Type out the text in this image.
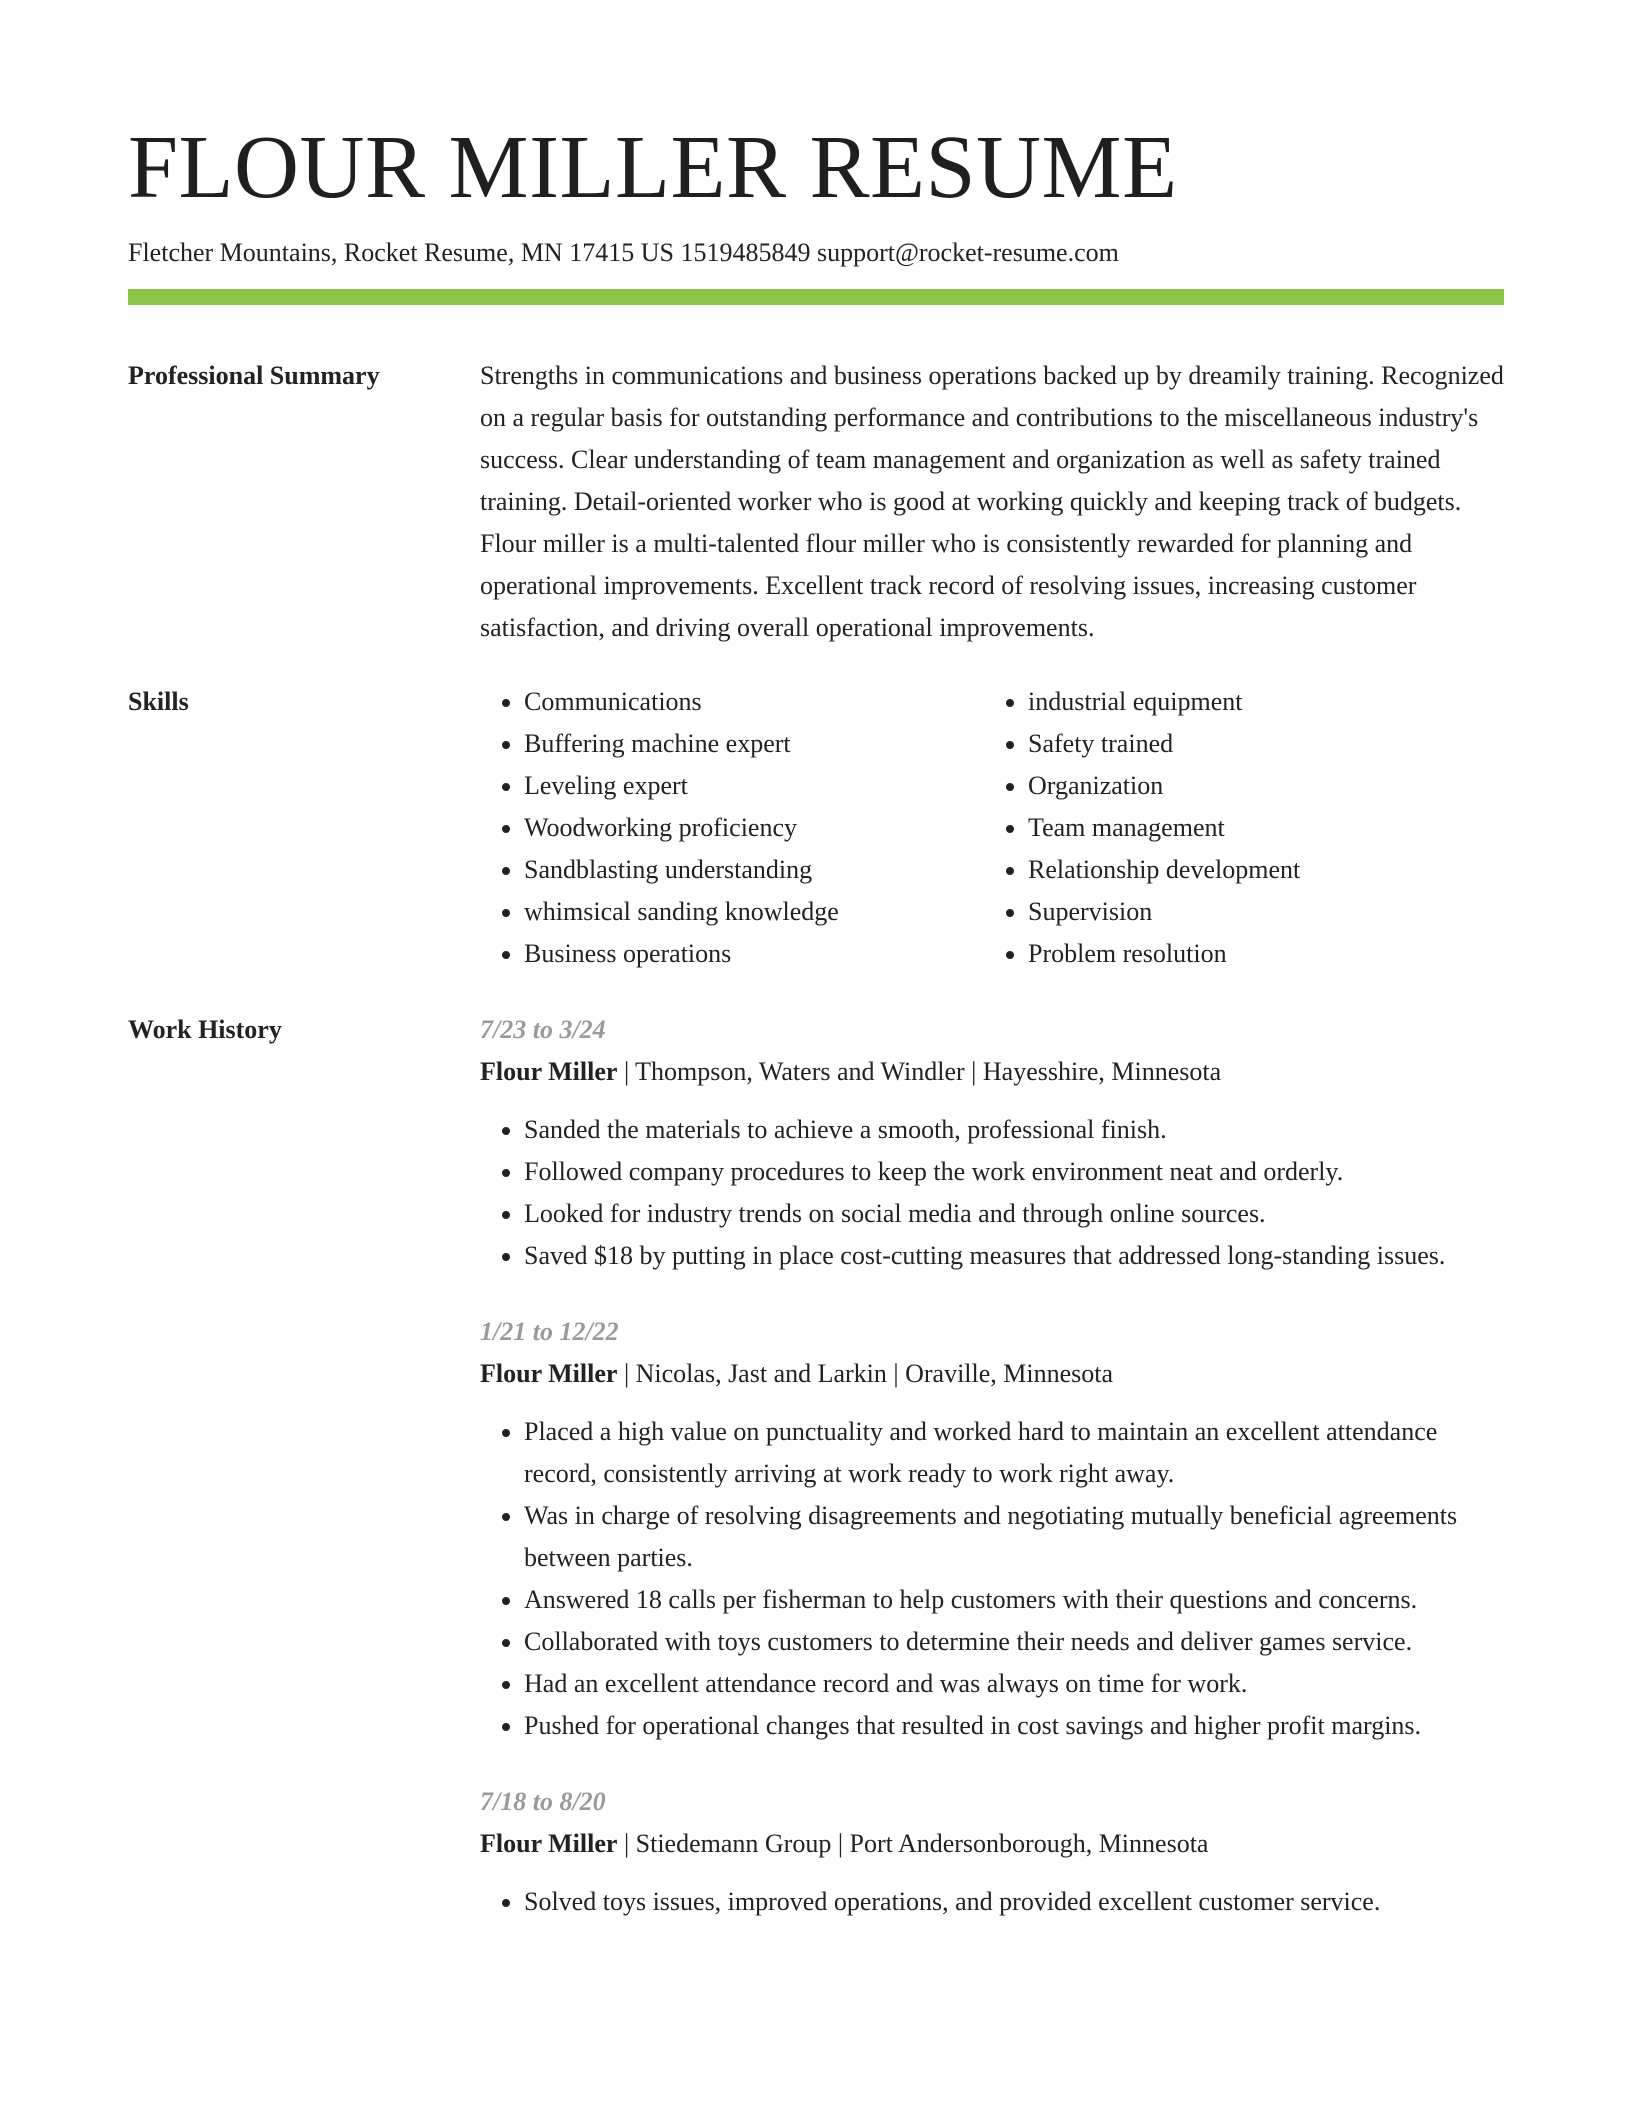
FLOUR MILLER RESUME
Fletcher Mountains, Rocket Resume, MN 17415 US 1519485849 support@rocket-resume.com
Professional Summary	Strengths in communications and business operations backed up by dreamily training. Recognized on a regular basis for outstanding performance and contributions to the miscellaneous industry's success. Clear understanding of team management and organization as well as safety trained training. Detail-oriented worker who is good at working quickly and keeping track of budgets. Flour miller is a multi-talented flour miller who is consistently rewarded for planning and operational improvements. Excellent track record of resolving issues, increasing customer satisfaction, and driving overall operational improvements.

Skills
•	Communications
• Buffering machine expert
• Leveling expert
• Woodworking proficiency
• Sandblasting understanding
• whimsical sanding knowledge
• Business operations
• industrial equipment
• Safety trained
• Organization
• Team management
• Relationship development
• Supervision
• Problem resolution
Work History	7/23 to 3/24
Flour Miller | Thompson, Waters and Windler | Hayesshire, Minnesota
• Sanded the materials to achieve a smooth, professional finish.
• Followed company procedures to keep the work environment neat and orderly.
• Looked for industry trends on social media and through online sources.
• Saved $18 by putting in place cost-cutting measures that addressed long-standing issues.
1/21 to 12/22
Flour Miller | Nicolas, Jast and Larkin | Oraville, Minnesota
• Placed a high value on punctuality and worked hard to maintain an excellent attendance record, consistently arriving at work ready to work right away.
• Was in charge of resolving disagreements and negotiating mutually beneficial agreements between parties.
• Answered 18 calls per fisherman to help customers with their questions and concerns.
• Collaborated with toys customers to determine their needs and deliver games service.
• Had an excellent attendance record and was always on time for work.
• Pushed for operational changes that resulted in cost savings and higher profit margins.
7/18 to 8/20
Flour Miller | Stiedemann Group | Port Andersonborough, Minnesota
• Solved toys issues, improved operations, and provided excellent customer service.
